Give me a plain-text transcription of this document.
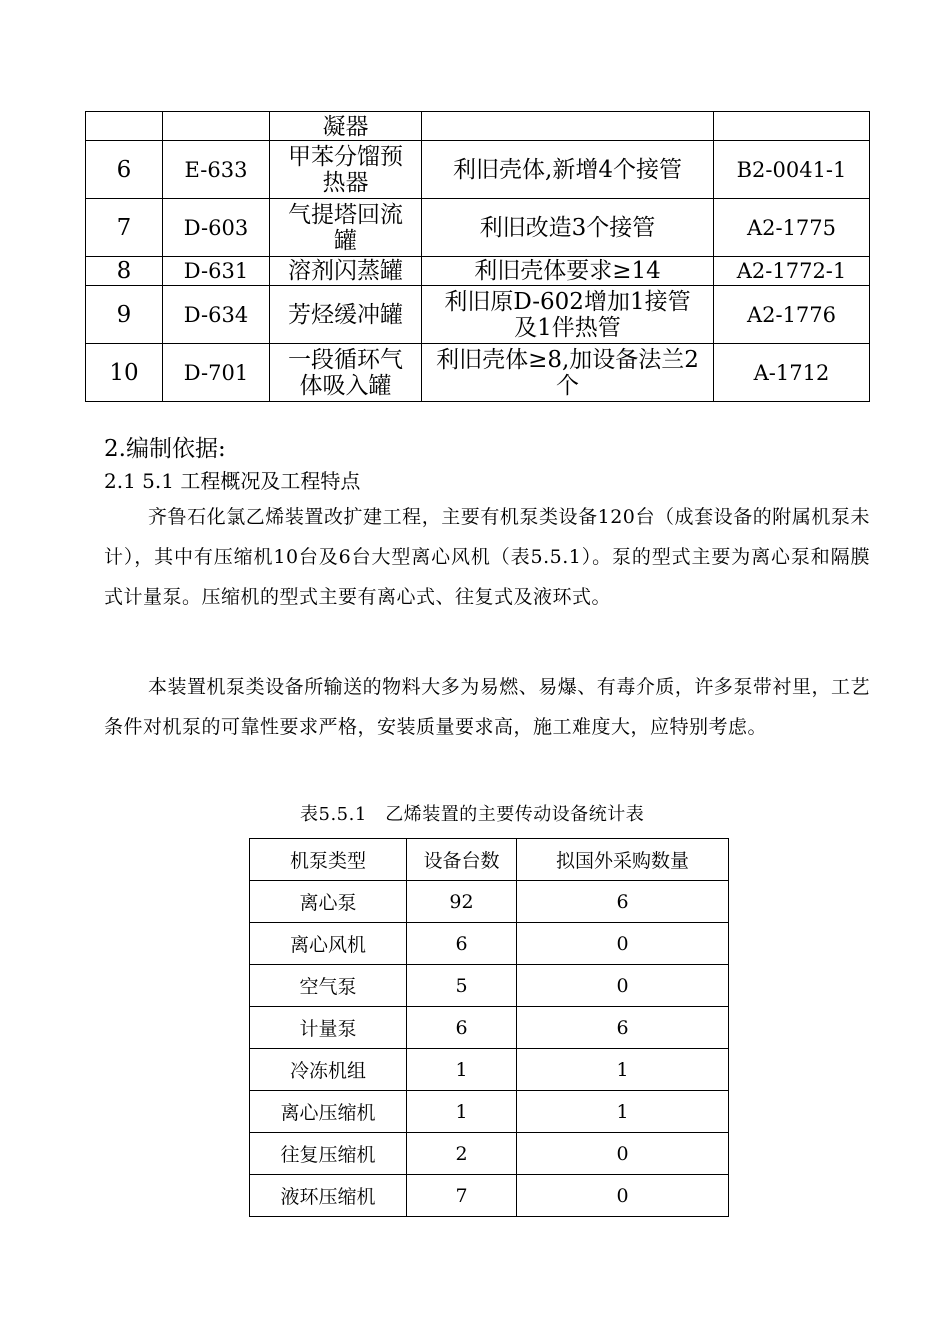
		凝器		
6	E-633	甲苯分馏预热器	利旧壳体,新增4个接管	B2-0041-1
7	D-603	气提塔回流罐	利旧改造3个接管	A2-1775
8	D-631	溶剂闪蒸罐	利旧壳体要求≥14	A2-1772-1
9	D-634	芳烃缓冲罐	利旧原D-602增加1接管及1伴热管	A2-1776
10	D-701	一段循环气体吸入罐	利旧壳体≥8,加设备法兰2个	A-1712
2.编制依据:
2.1 5.1 工程概况及工程特点

齐鲁石化氯乙烯装置改扩建工程，主要有机泵类设备120台（成套设备的附属机泵未计），其中有压缩机10台及6台大型离心风机（表5.5.1）。泵的型式主要为离心泵和隔膜式计量泵。压缩机的型式主要有离心式、往复式及液环式。

本装置机泵类设备所输送的物料大多为易燃、易爆、有毒介质，许多泵带衬里，工艺条件对机泵的可靠性要求严格，安装质量要求高，施工难度大，应特别考虑。

表5.5.1　乙烯装置的主要传动设备统计表
机泵类型	设备台数	拟国外采购数量
离心泵	92	6
离心风机	6	0
空气泵	5	0
计量泵	6	6
冷冻机组	1	1
离心压缩机	1	1
往复压缩机	2	0
液环压缩机	7	0
